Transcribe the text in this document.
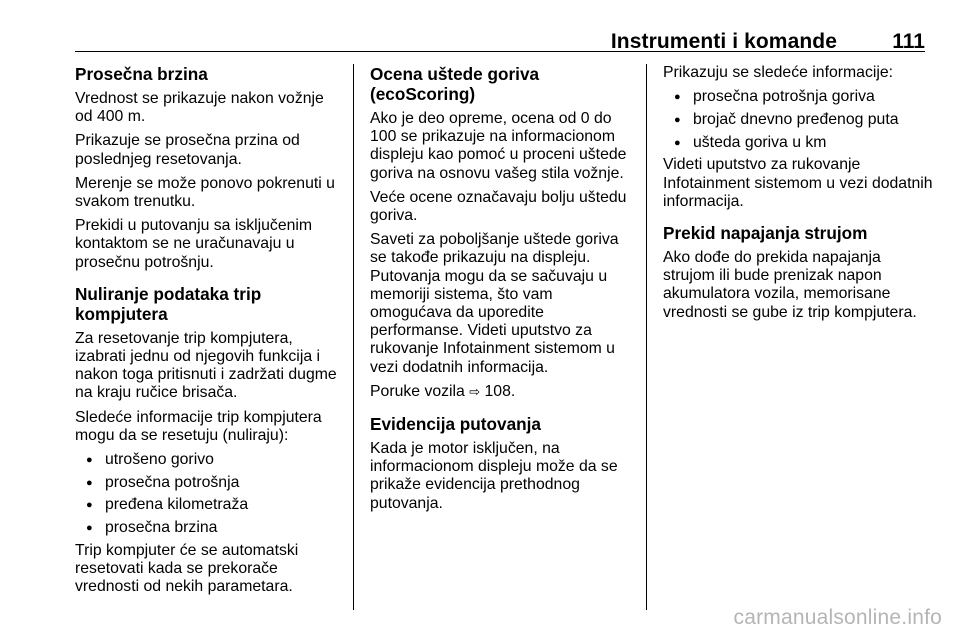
Instrumenti i komande	111
Prosečna brzina

Vrednost se prikazuje nakon vožnje od 400 m.

Prikazuje se prosečna przina od poslednjeg resetovanja.

Merenje se može ponovo pokrenuti u svakom trenutku.

Prekidi u putovanju sa isključenim kontaktom se ne uračunavaju u prosečnu potrošnju.

Nuliranje podataka trip kompjutera

Za resetovanje trip kompjutera, izabrati jednu od njegovih funkcija i nakon toga pritisnuti i zadržati dugme na kraju ručice brisača.

Sledeće informacije trip kompjutera mogu da se resetuju (nuliraju):

● utrošeno gorivo
● prosečna potrošnja
● pređena kilometraža
● prosečna brzina

Trip kompjuter će se automatski resetovati kada se prekorače vrednosti od nekih parametara.

Ocena uštede goriva (ecoScoring)

Ako je deo opreme, ocena od 0 do 100 se prikazuje na informacionom displeju kao pomoć u proceni uštede goriva na osnovu vašeg stila vožnje.

Veće ocene označavaju bolju uštedu goriva.

Saveti za poboljšanje uštede goriva se takođe prikazuju na displeju. Putovanja mogu da se sačuvaju u memoriji sistema, što vam omogućava da uporedite performanse. Videti uputstvo za rukovanje Infotainment sistemom u vezi dodatnih informacija.

Poruke vozila ⇨ 108.

Evidencija putovanja

Kada je motor isključen, na informacionom displeju može da se prikaže evidencija prethodnog putovanja.

Prikazuju se sledeće informacije:

● prosečna potrošnja goriva
● brojač dnevno pređenog puta
● ušteda goriva u km

Videti uputstvo za rukovanje Infotainment sistemom u vezi dodatnih informacija.

Prekid napajanja strujom

Ako dođe do prekida napajanja strujom ili bude prenizak napon akumulatora vozila, memorisane vrednosti se gube iz trip kompjutera.

carmanualsonline.info
